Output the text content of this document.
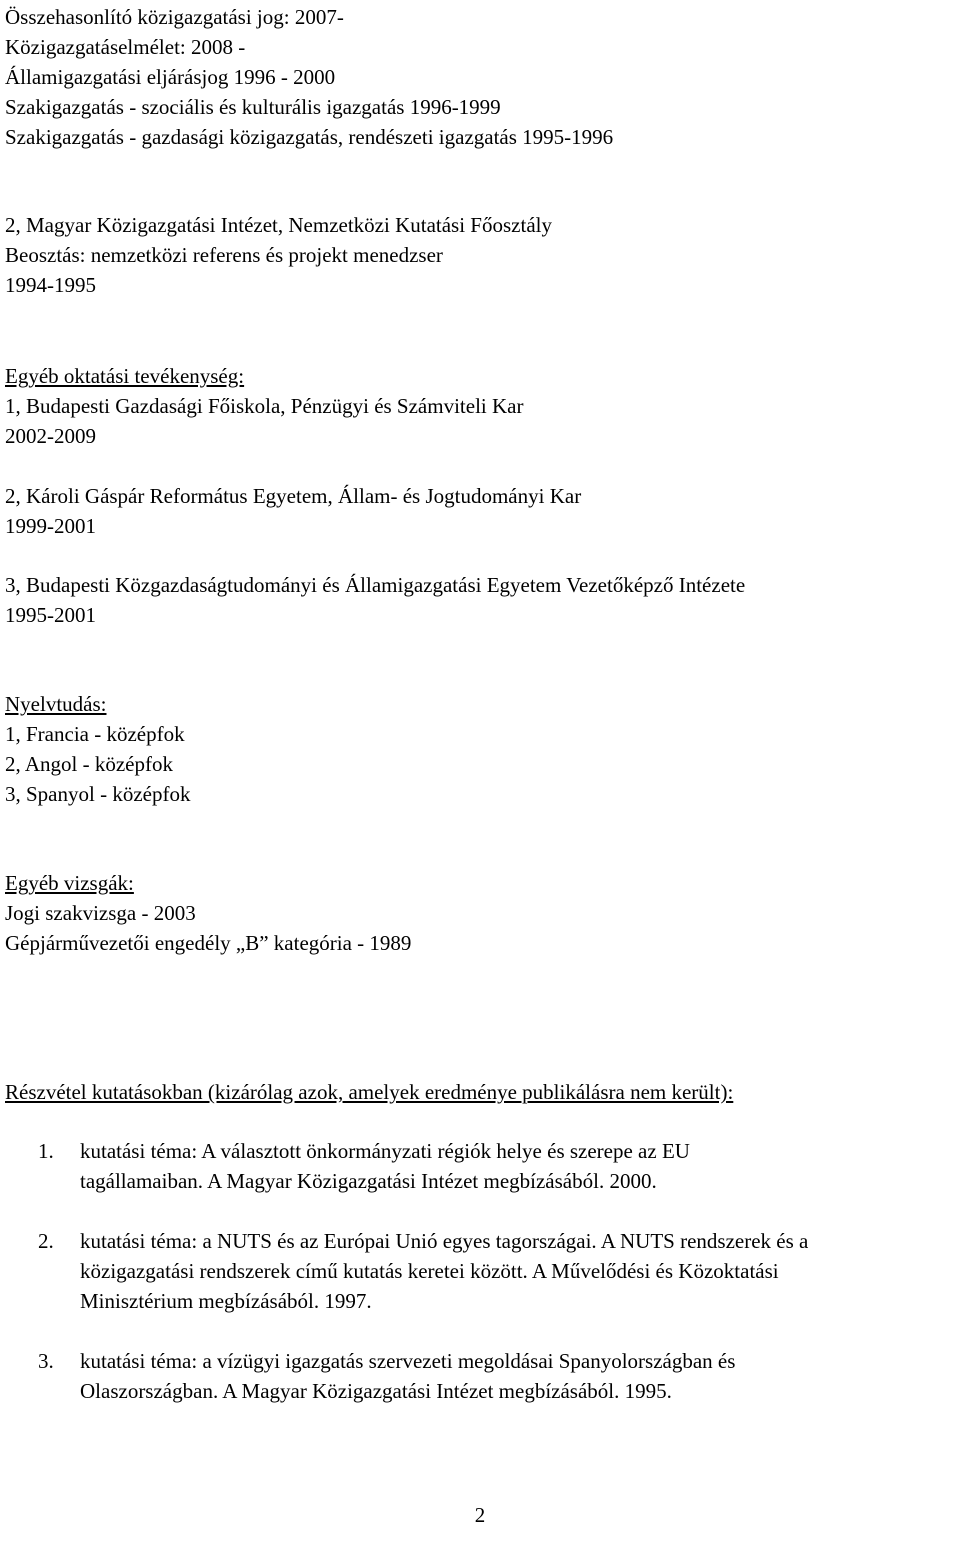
Összehasonlító közigazgatási jog: 2007-
Közigazgatáselmélet: 2008 -
Államigazgatási eljárásjog 1996 - 2000
Szakigazgatás - szociális és kulturális igazgatás 1996-1999
Szakigazgatás - gazdasági közigazgatás, rendészeti igazgatás 1995-1996
2, Magyar Közigazgatási Intézet, Nemzetközi Kutatási Főosztály
Beosztás: nemzetközi referens és projekt menedzser
1994-1995
Egyéb oktatási tevékenység:
1, Budapesti Gazdasági Főiskola, Pénzügyi és Számviteli Kar
2002-2009
2, Károli Gáspár Református Egyetem, Állam- és Jogtudományi Kar
1999-2001
3, Budapesti Közgazdaságtudományi és Államigazgatási Egyetem Vezetőképző Intézete
1995-2001
Nyelvtudás:
1, Francia - középfok
2, Angol - középfok
3, Spanyol - középfok
Egyéb vizsgák:
Jogi szakvizsga - 2003
Gépjárművezetői engedély „B” kategória - 1989
Részvétel kutatásokban (kizárólag azok, amelyek eredménye publikálásra nem került):
1. kutatási téma: A választott önkormányzati régiók helye és szerepe az EU
tagállamaiban. A Magyar Közigazgatási Intézet megbízásából. 2000.
2. kutatási téma: a NUTS és az Európai Unió egyes tagországai. A NUTS rendszerek és a
közigazgatási rendszerek című kutatás keretei között. A Művelődési és Közoktatási
Minisztérium megbízásából. 1997.
3. kutatási téma: a vízügyi igazgatás szervezeti megoldásai Spanyolországban és
Olaszországban. A Magyar Közigazgatási Intézet megbízásából. 1995.
2
